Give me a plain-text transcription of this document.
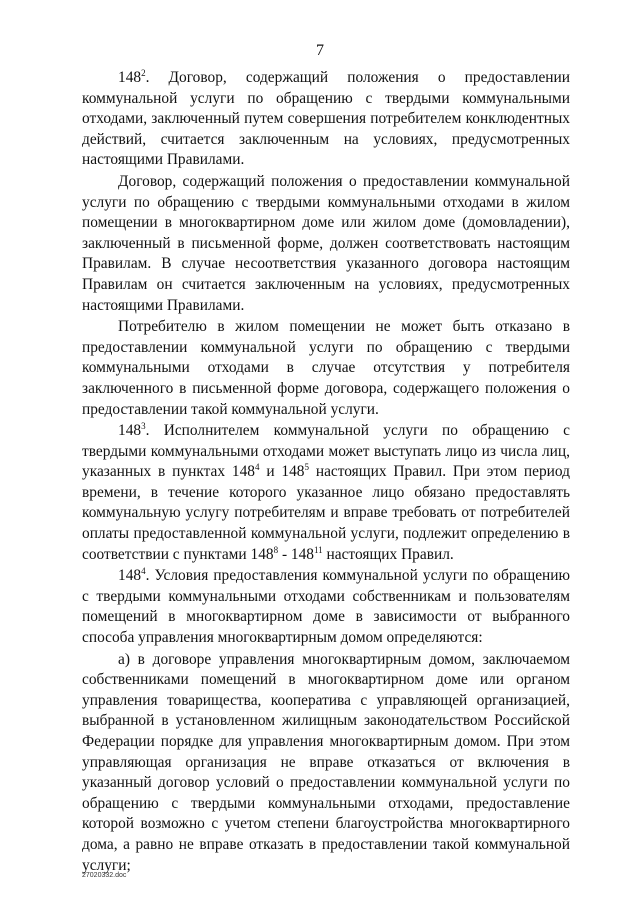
7

$148^2$. Договор, содержащий положения о предоставлении коммунальной услуги по обращению с твердыми коммунальными отходами, заключенный путем совершения потребителем конклюдентных действий, считается заключенным на условиях, предусмотренных настоящими Правилами.

Договор, содержащий положения о предоставлении коммунальной услуги по обращению с твердыми коммунальными отходами в жилом помещении в многоквартирном доме или жилом доме (домовладении), заключенный в письменной форме, должен соответствовать настоящим Правилам. В случае несоответствия указанного договора настоящим Правилам он считается заключенным на условиях, предусмотренных настоящими Правилами.

Потребителю в жилом помещении не может быть отказано в предоставлении коммунальной услуги по обращению с твердыми коммунальными отходами в случае отсутствия у потребителя заключенного в письменной форме договора, содержащего положения о предоставлении такой коммунальной услуги.

$148^3$. Исполнителем коммунальной услуги по обращению с твердыми коммунальными отходами может выступать лицо из числа лиц, указанных в пунктах $148^4$ и $148^5$ настоящих Правил. При этом период времени, в течение которого указанное лицо обязано предоставлять коммунальную услугу потребителям и вправе требовать от потребителей оплаты предоставленной коммунальной услуги, подлежит определению в соответствии с пунктами $148^8 - 148^{11}$ настоящих Правил.

$148^4$. Условия предоставления коммунальной услуги по обращению с твердыми коммунальными отходами собственникам и пользователям помещений в многоквартирном доме в зависимости от выбранного способа управления многоквартирным домом определяются:

а) в договоре управления многоквартирным домом, заключаемом собственниками помещений в многоквартирном доме или органом управления товарищества, кооператива с управляющей организацией, выбранной в установленном жилищным законодательством Российской Федерации порядке для управления многоквартирным домом. При этом управляющая организация не вправе отказаться от включения в указанный договор условий о предоставлении коммунальной услуги по обращению с твердыми коммунальными отходами, предоставление которой возможно с учетом степени благоустройства многоквартирного дома, а равно не вправе отказать в предоставлении такой коммунальной услуги;

27020332.doc
